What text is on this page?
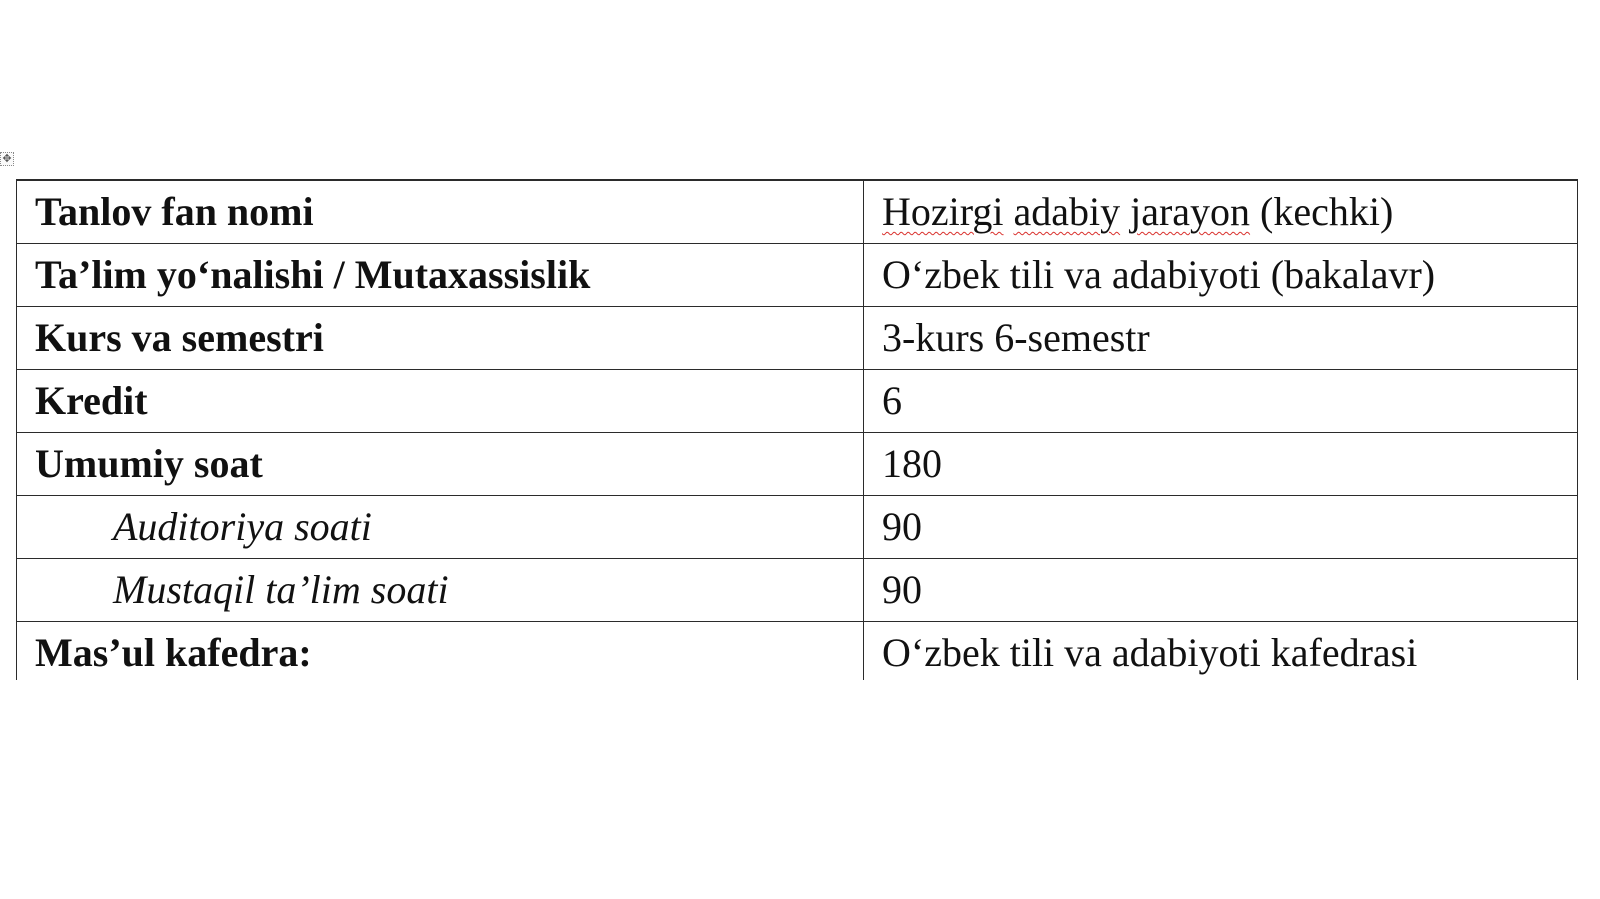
✥
Tanlov fan nomi	Hozirgi adabiy jarayon (kechki)
Ta’lim yo‘nalishi / Mutaxassislik	O‘zbek tili va adabiyoti (bakalavr)
Kurs va semestri	3-kurs 6-semestr
Kredit	6
Umumiy soat	180
Auditoriya soati	90
Mustaqil ta’lim soati	90
Mas’ul kafedra:	O‘zbek tili va adabiyoti kafedrasi
